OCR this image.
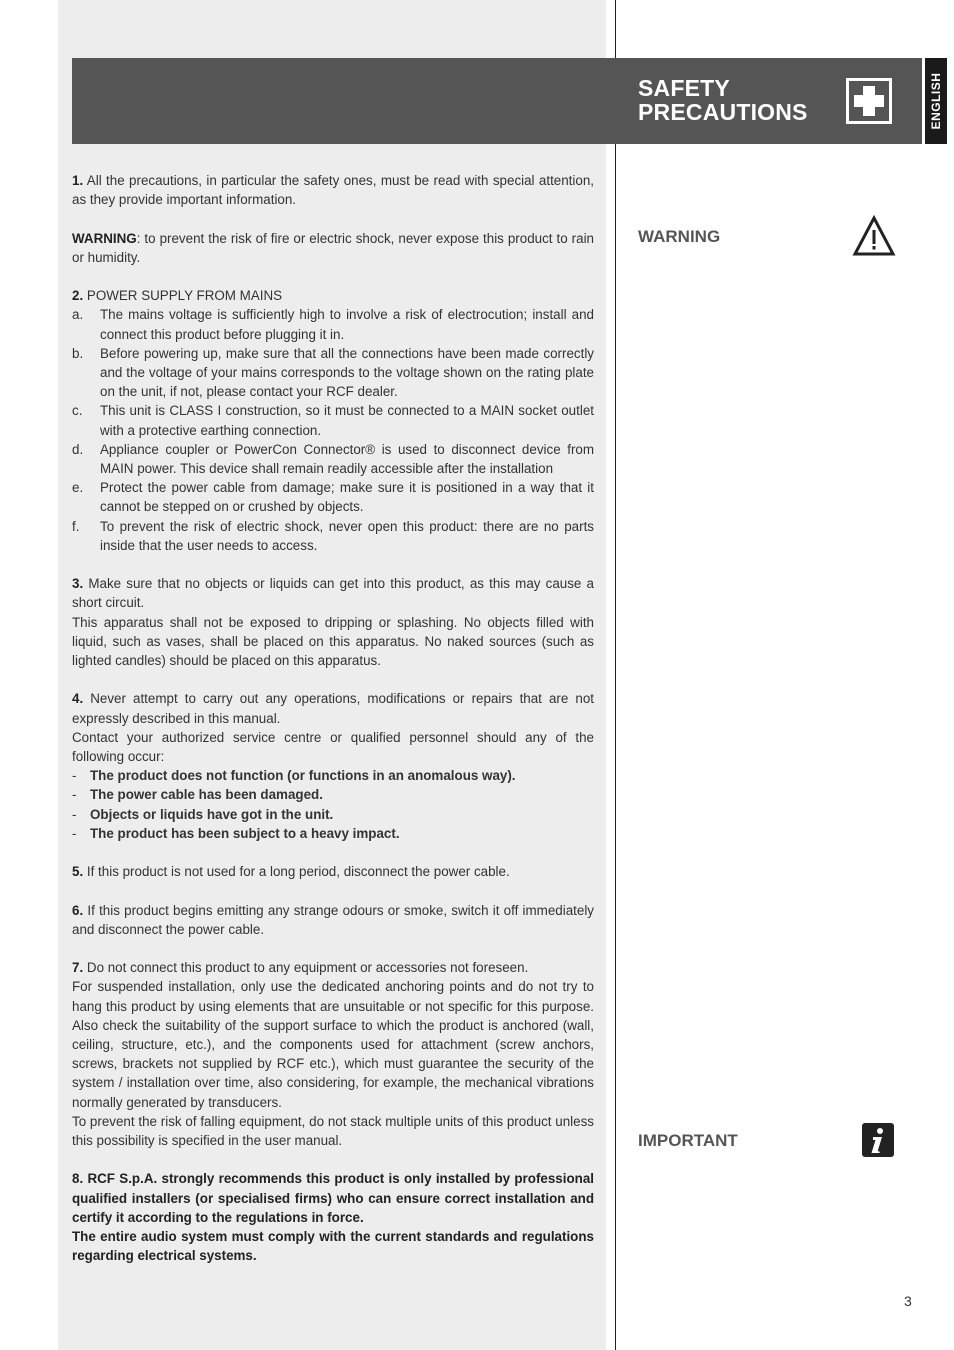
SAFETY
PRECAUTIONS	ENGLISH
WARNING
IMPORTANT
3

1. All the precautions, in particular the safety ones, must be read with special attention, as they provide important information.

WARNING: to prevent the risk of fire or electric shock, never expose this product to rain or humidity.

2. POWER SUPPLY FROM MAINS

a.	The mains voltage is sufficiently high to involve a risk of electrocution; install and connect this product before plugging it in.
b.	Before powering up, make sure that all the connections have been made correctly and the voltage of your mains corresponds to the voltage shown on the rating plate on the unit, if not, please contact your RCF dealer.
c.	This unit is CLASS I construction, so it must be connected to a MAIN socket outlet with a protective earthing connection.
d.	Appliance coupler or PowerCon Connector® is used to disconnect device from MAIN power. This device shall remain readily accessible after the installation
e.	Protect the power cable from damage; make sure it is positioned in a way that it cannot be stepped on or crushed by objects.
f.	To prevent the risk of electric shock, never open this product: there are no parts inside that the user needs to access.

3. Make sure that no objects or liquids can get into this product, as this may cause a short circuit.

This apparatus shall not be exposed to dripping or splashing. No objects filled with liquid, such as vases, shall be placed on this apparatus. No naked sources (such as lighted candles) should be placed on this apparatus.

4. Never attempt to carry out any operations, modifications or repairs that are not expressly described in this manual.

Contact your authorized service centre or qualified personnel should any of the following occur:

-	The product does not function (or functions in an anomalous way).
-	The power cable has been damaged.
-	Objects or liquids have got in the unit.
-	The product has been subject to a heavy impact.

5. If this product is not used for a long period, disconnect the power cable.

6. If this product begins emitting any strange odours or smoke, switch it off immediately and disconnect the power cable.

7. Do not connect this product to any equipment or accessories not foreseen.

For suspended installation, only use the dedicated anchoring points and do not try to hang this product by using elements that are unsuitable or not specific for this purpose. Also check the suitability of the support surface to which the product is anchored (wall, ceiling, structure, etc.), and the components used for attachment (screw anchors, screws, brackets not supplied by RCF etc.), which must guarantee the security of the system / installation over time, also considering, for example, the mechanical vibrations normally generated by transducers.

To prevent the risk of falling equipment, do not stack multiple units of this product unless this possibility is specified in the user manual.

8. RCF S.p.A. strongly recommends this product is only installed by professional qualified installers (or specialised firms) who can ensure correct installation and certify it according to the regulations in force.

The entire audio system must comply with the current standards and regulations regarding electrical systems.
